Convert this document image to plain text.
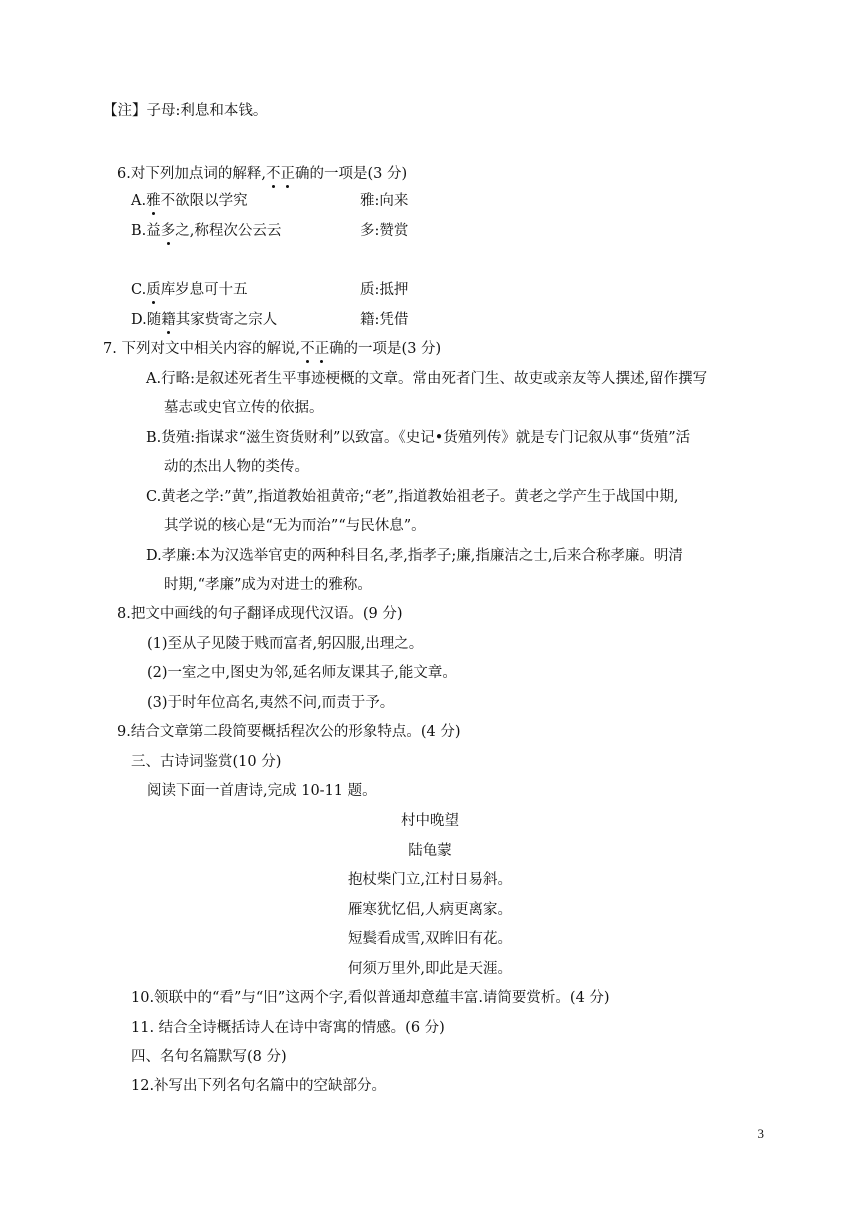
【注】子母:利息和本钱。
6.对下列加点词的解释,不正确的一项是(3 分)
A.雅不欲限以学究	雅:向来
B.益多之,称程次公云云	多:赞赏
C.质库岁息可十五	质:抵押
D.随籍其家赀寄之宗人	籍:凭借
7. 下列对文中相关内容的解说,不正确的一项是(3 分)
A.行略:是叙述死者生平事迹梗概的文章。常由死者门生、故吏或亲友等人撰述,留作撰写
墓志或史官立传的依据。
B.货殖:指谋求“滋生资货财利”以致富。《史记•货殖列传》就是专门记叙从事“货殖”活
动的杰出人物的类传。
C.黄老之学:”黄”,指道教始祖黄帝;“老”,指道教始祖老子。黄老之学产生于战国中期,
其学说的核心是“无为而治”“与民休息”。
D.孝廉:本为汉选举官吏的两种科目名,孝,指孝子;廉,指廉洁之士,后来合称孝廉。明清
时期,“孝廉”成为对进士的雅称。
8.把文中画线的句子翻译成现代汉语。(9 分)
(1)至从子见陵于贱而富者,躬囚服,出理之。
(2)一室之中,图史为邻,延名师友课其子,能文章。
(3)于时年位高名,夷然不问,而责于予。
9.结合文章第二段简要概括程次公的形象特点。(4 分)
三、古诗词鉴赏(10 分)
阅读下面一首唐诗,完成 10-11 题。
村中晚望
陆龟蒙
抱杖柴门立,江村日易斜。
雁寒犹忆侣,人病更离家。
短鬓看成雪,双眸旧有花。
何须万里外,即此是天涯。
10.领联中的“看”与“旧”这两个字,看似普通却意蕴丰富.请简要赏析。(4 分)
11. 结合全诗概括诗人在诗中寄寓的情感。(6 分)
四、名句名篇默写(8 分)
12.补写出下列名句名篇中的空缺部分。
3
